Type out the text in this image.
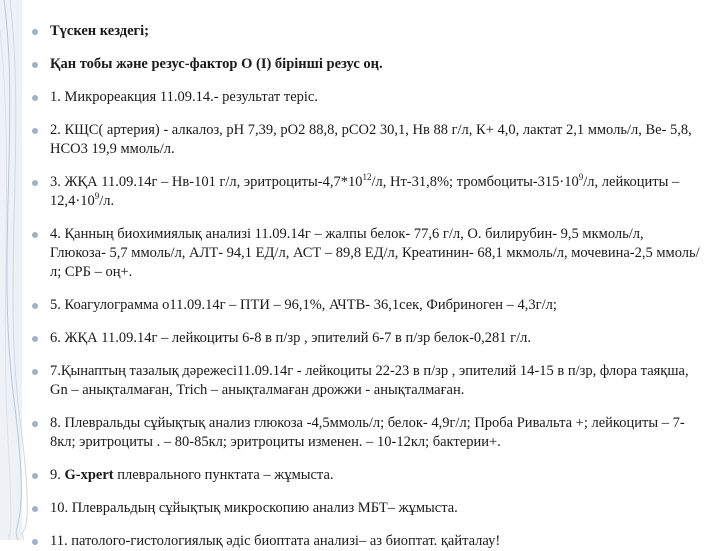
Түскен кездегі;
Қан тобы және резус-фактор O (I) бірінші резус оң.
1. Микрореакция 11.09.14.- результат теріс.
2. КЩС( артерия) - алкалоз, рН 7,39, рО2 88,8, рСО2 30,1, Нв 88 г/л, К+ 4,0, лактат 2,1 ммоль/л, Ве- 5,8, НСО3 19,9 ммоль/л.
3. ЖҚА 11.09.14г – Нв-101 г/л, эритроциты-$4,7*10^{12}/л$, Нт-31,8%; тромбоциты-$315\cdot 10^9/л$, лейкоциты $-12,4\cdot 10^9/л$.
4. Қанның биохимиялық анализі 11.09.14г – жалпы белок- 77,6 г/л, О. билирубин- 9,5 мкмоль/л, Глюкоза- 5,7 ммоль/л, АЛТ- 94,1 ЕД/л, АСТ – 89,8 ЕД/л, Креатинин- 68,1 мкмоль/л, мочевина-2,5 ммоль/л; СРБ – оң+.
5. Коагулограмма о11.09.14г – ПТИ – 96,1%, АЧТВ- 36,1сек, Фибриноген – 4,3г/л;
6. ЖҚА 11.09.14г – лейкоциты 6-8 в п/зр , эпителий 6-7 в п/зр белок-0,281 г/л.
7.Қынаптың тазалық дәрежесі11.09.14г - лейкоциты 22-23 в п/зр , эпителий 14-15 в п/зр, флора таяқша, Gn – анықталмаған, Trich – анықталмаған дрожжи - анықталмаған.
8. Плевральды сұйықтық анализ глюкоза -4,5ммоль/л; белок- 4,9г/л; Проба Ривальта +; лейкоциты – 7-8кл; эритроциты . – 80-85кл; эритроциты изменен. – 10-12кл; бактерии+.
9. G-xpert плеврального пунктата – жұмыста.
10. Плевральдың сұйықтық микроскопию анализ МБТ– жұмыста.
11. патолого-гистологиялық әдіс биоптата анализі– аз биоптат. қайталау!
